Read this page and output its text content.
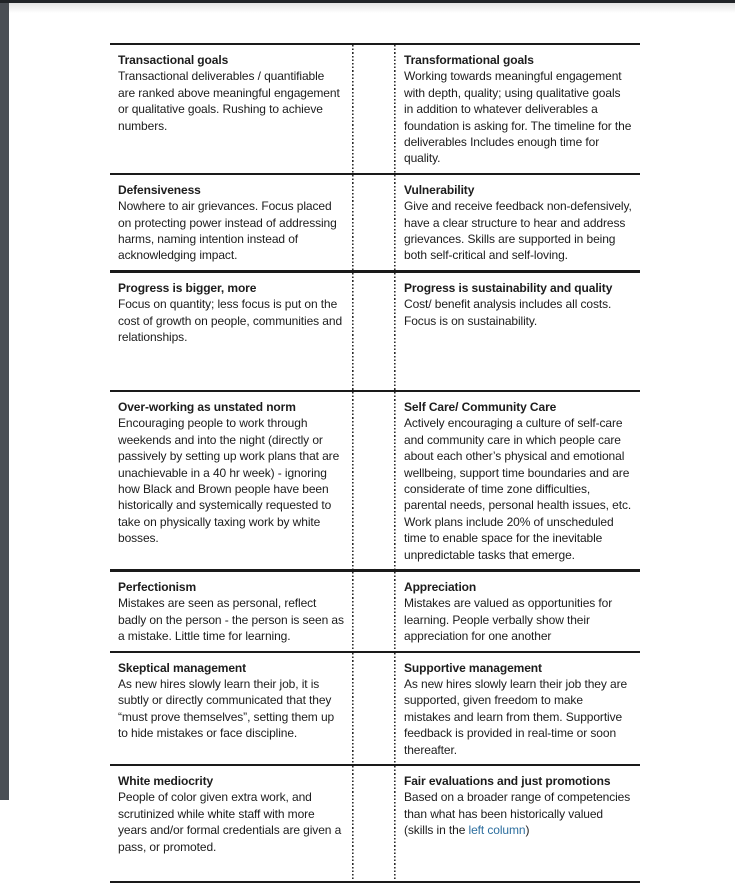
Transactional goals
Transactional deliverables / quantifiable are ranked above meaningful engagement or qualitative goals. Rushing to achieve numbers.
Transformational goals
Working towards meaningful engagement with depth, quality; using qualitative goals in addition to whatever deliverables a foundation is asking for. The timeline for the deliverables Includes enough time for quality.
Defensiveness
Nowhere to air grievances. Focus placed on protecting power instead of addressing harms, naming intention instead of acknowledging impact.
Vulnerability
Give and receive feedback non-defensively, have a clear structure to hear and address grievances. Skills are supported in being both self-critical and self-loving.
Progress is bigger, more
Focus on quantity; less focus is put on the cost of growth on people, communities and relationships.
Progress is sustainability and quality
Cost/ benefit analysis includes all costs. Focus is on sustainability.
Over-working as unstated norm
Encouraging people to work through weekends and into the night (directly or passively by setting up work plans that are unachievable in a 40 hr week) - ignoring how Black and Brown people have been historically and systemically requested to take on physically taxing work by white bosses.
Self Care/ Community Care
Actively encouraging a culture of self-care and community care in which people care about each other’s physical and emotional wellbeing, support time boundaries and are considerate of time zone difficulties, parental needs, personal health issues, etc. Work plans include 20% of unscheduled time to enable space for the inevitable unpredictable tasks that emerge.
Perfectionism
Mistakes are seen as personal, reflect badly on the person - the person is seen as a mistake. Little time for learning.
Appreciation
Mistakes are valued as opportunities for learning. People verbally show their appreciation for one another
Skeptical management
As new hires slowly learn their job, it is subtly or directly communicated that they “must prove themselves”, setting them up to hide mistakes or face discipline.
Supportive management
As new hires slowly learn their job they are supported, given freedom to make mistakes and learn from them. Supportive feedback is provided in real-time or soon thereafter.
White mediocrity
People of color given extra work, and scrutinized while white staff with more years and/or formal credentials are given a pass, or promoted.
Fair evaluations and just promotions
Based on a broader range of competencies than what has been historically valued (skills in the left column)
